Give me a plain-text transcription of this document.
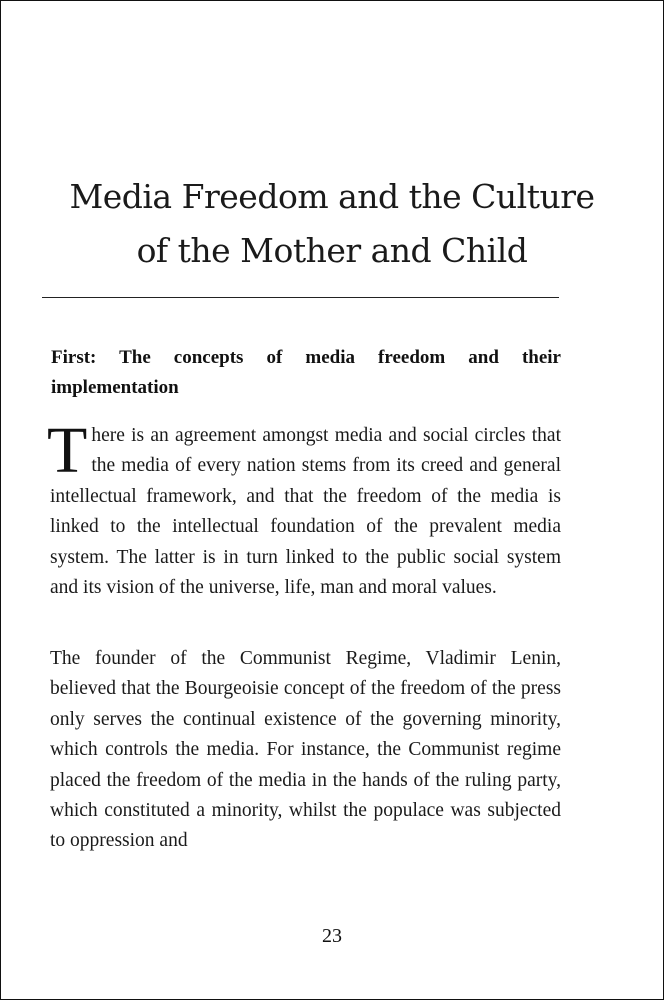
Media Freedom and the Culture
of the Mother and Child
First: The concepts of media freedom and their implementation

There is an agreement amongst media and social circles that the media of every nation stems from its creed and general intellectual framework, and that the freedom of the media is linked to the intellectual foundation of the prevalent media system. The latter is in turn linked to the public social system and its vision of the universe, life, man and moral values.

The founder of the Communist Regime, Vladimir Lenin, believed that the Bourgeoisie concept of the freedom of the press only serves the continual existence of the governing minority, which controls the media. For instance, the Communist regime placed the freedom of the media in the hands of the ruling party, which constituted a minority, whilst the populace was subjected to oppression and

23
